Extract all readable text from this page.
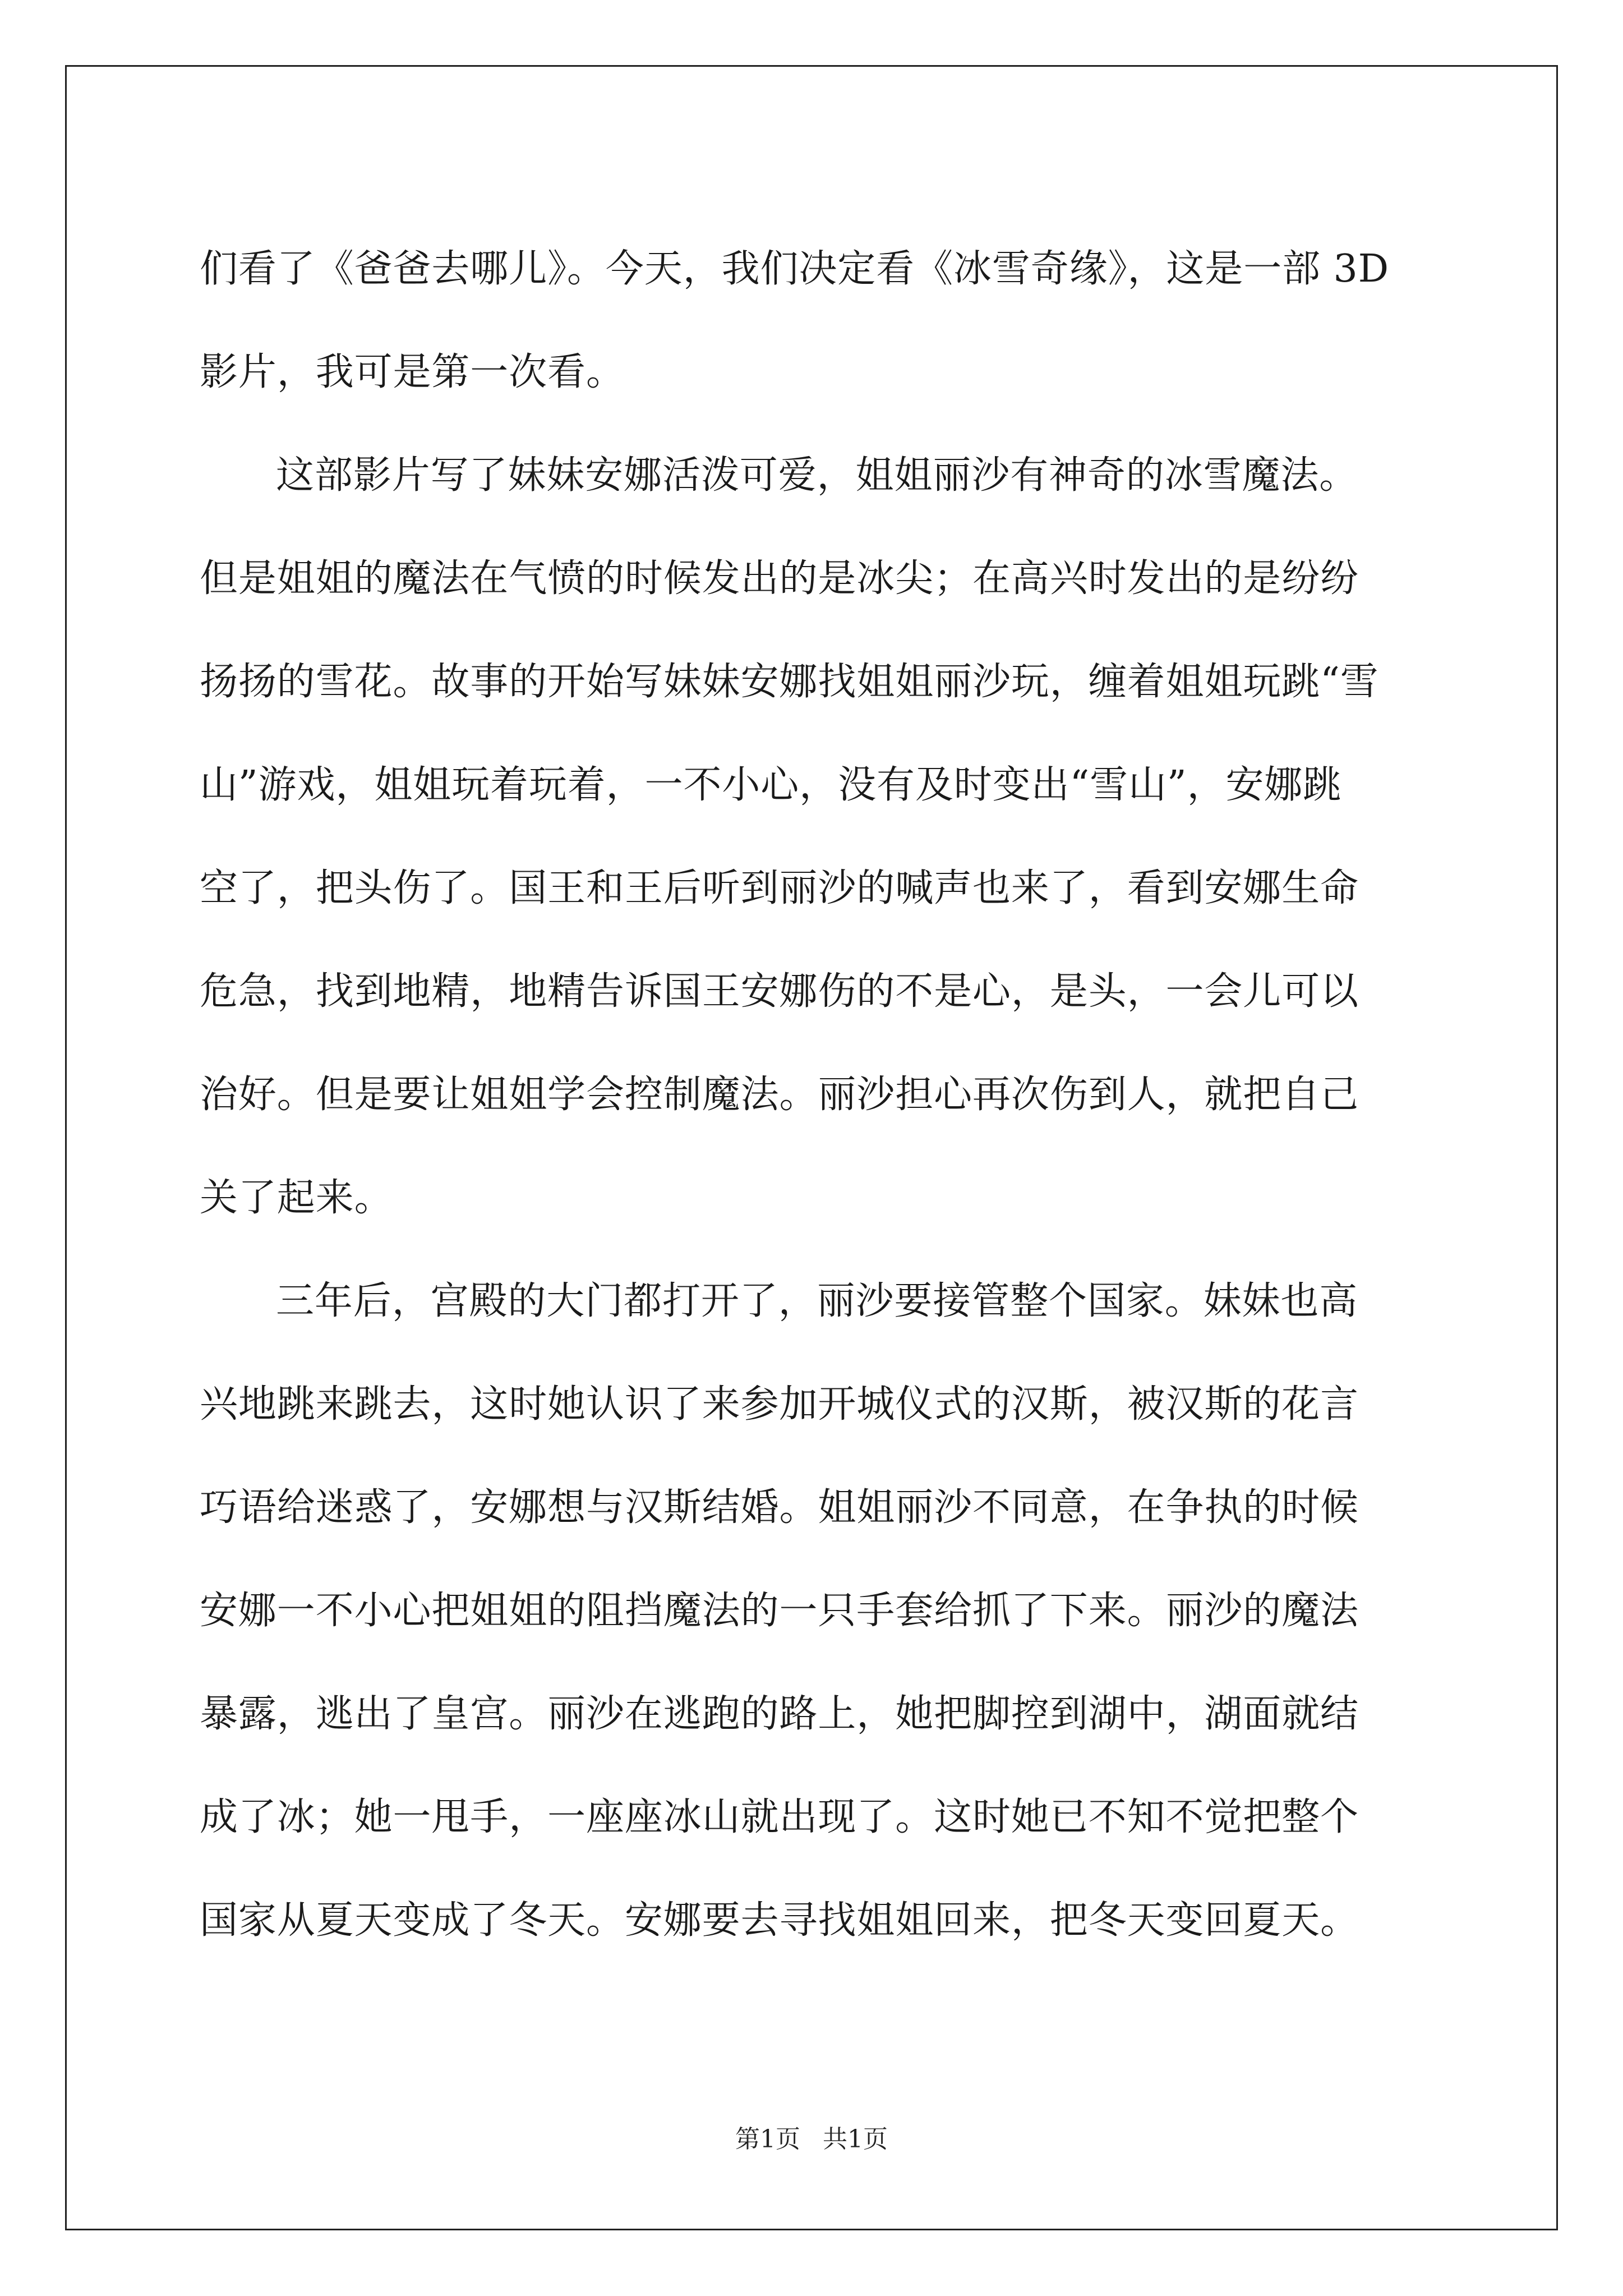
们看了《爸爸去哪儿》。今天，我们决定看《冰雪奇缘》，这是一部 3D
影片，我可是第一次看。

这部影片写了妹妹安娜活泼可爱，姐姐丽沙有神奇的冰雪魔法。
但是姐姐的魔法在气愤的时候发出的是冰尖；在高兴时发出的是纷纷
扬扬的雪花。故事的开始写妹妹安娜找姐姐丽沙玩，缠着姐姐玩跳“雪
山”游戏，姐姐玩着玩着，一不小心，没有及时变出“雪山”，安娜跳
空了，把头伤了。国王和王后听到丽沙的喊声也来了，看到安娜生命
危急，找到地精，地精告诉国王安娜伤的不是心，是头，一会儿可以
治好。但是要让姐姐学会控制魔法。丽沙担心再次伤到人，就把自己
关了起来。

三年后，宫殿的大门都打开了，丽沙要接管整个国家。妹妹也高
兴地跳来跳去，这时她认识了来参加开城仪式的汉斯，被汉斯的花言
巧语给迷惑了，安娜想与汉斯结婚。姐姐丽沙不同意，在争执的时候
安娜一不小心把姐姐的阻挡魔法的一只手套给抓了下来。丽沙的魔法
暴露，逃出了皇宫。丽沙在逃跑的路上，她把脚控到湖中，湖面就结
成了冰；她一甩手，一座座冰山就出现了。这时她已不知不觉把整个
国家从夏天变成了冬天。安娜要去寻找姐姐回来，把冬天变回夏天。

第1页 共1页
